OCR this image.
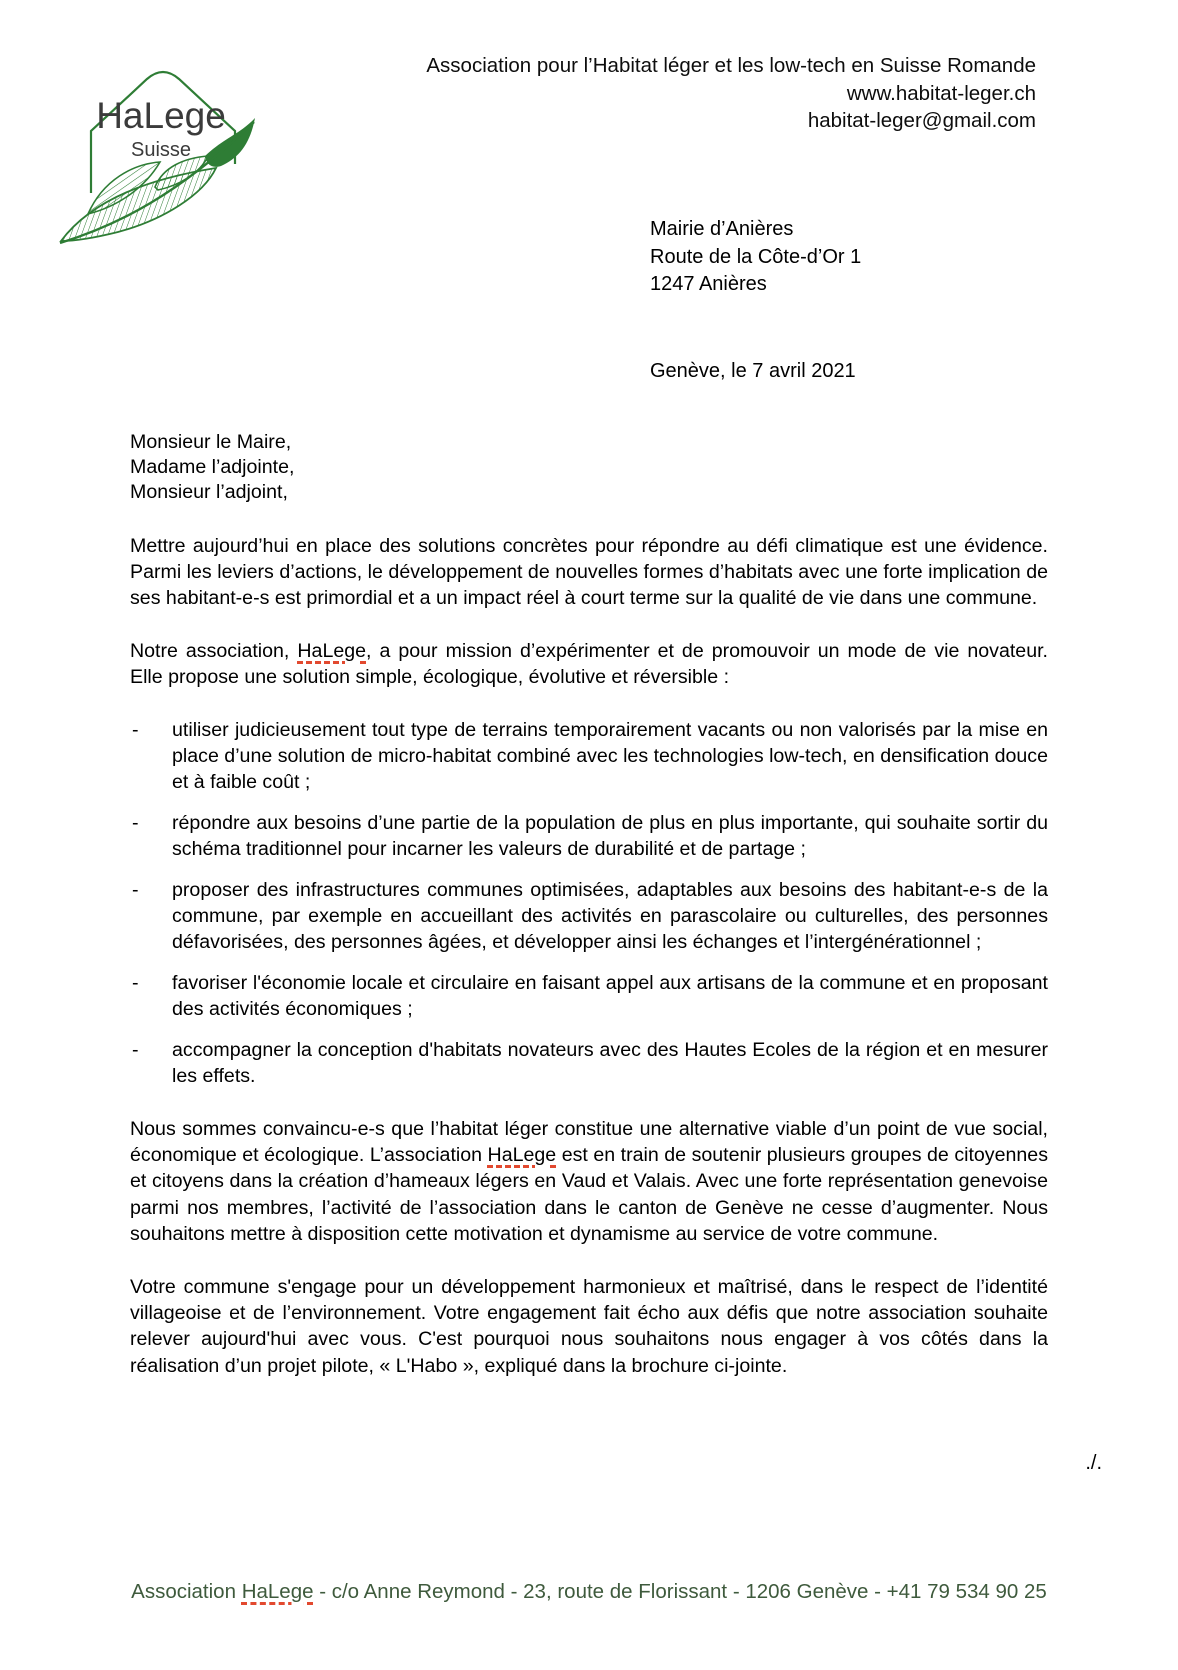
HaLege
Suisse
Association pour l’Habitat léger et les low-tech en Suisse Romande
www.habitat-leger.ch
habitat-leger@gmail.com
Mairie d’Anières
Route de la Côte-d’Or 1
1247 Anières
Genève, le 7 avril 2021
Monsieur le Maire,
Madame l’adjointe,
Monsieur l’adjoint,

Mettre aujourd’hui en place des solutions concrètes pour répondre au défi climatique est une évidence. Parmi les leviers d’actions, le développement de nouvelles formes d’habitats avec une forte implication de ses habitant-e-s est primordial et a un impact réel à court terme sur la qualité de vie dans une commune.

Notre association, HaLege, a pour mission d’expérimenter et de promouvoir un mode de vie novateur. Elle propose une solution simple, écologique, évolutive et réversible :

- utiliser judicieusement tout type de terrains temporairement vacants ou non valorisés par la mise en place d’une solution de micro-habitat combiné avec les technologies low-tech, en densification douce et à faible coût ;
- répondre aux besoins d’une partie de la population de plus en plus importante, qui souhaite sortir du schéma traditionnel pour incarner les valeurs de durabilité et de partage ;
- proposer des infrastructures communes optimisées, adaptables aux besoins des habitant-e-s de la commune, par exemple en accueillant des activités en parascolaire ou culturelles, des personnes défavorisées, des personnes âgées, et développer ainsi les échanges et l’intergénérationnel ;
- favoriser l'économie locale et circulaire en faisant appel aux artisans de la commune et en proposant des activités économiques ;
- accompagner la conception d'habitats novateurs avec des Hautes Ecoles de la région et en mesurer les effets.

Nous sommes convaincu-e-s que l’habitat léger constitue une alternative viable d’un point de vue social, économique et écologique. L’association HaLege est en train de soutenir plusieurs groupes de citoyennes et citoyens dans la création d’hameaux légers en Vaud et Valais. Avec une forte représentation genevoise parmi nos membres, l’activité de l’association dans le canton de Genève ne cesse d’augmenter. Nous souhaitons mettre à disposition cette motivation et dynamisme au service de votre commune.

Votre commune s'engage pour un développement harmonieux et maîtrisé, dans le respect de l’identité villageoise et de l’environnement. Votre engagement fait écho aux défis que notre association souhaite relever aujourd'hui avec vous. C'est pourquoi nous souhaitons nous engager à vos côtés dans la réalisation d’un projet pilote, « L'Habo », expliqué dans la brochure ci-jointe.

./.
Association HaLege - c/o Anne Reymond - 23, route de Florissant - 1206 Genève - +41 79 534 90 25
